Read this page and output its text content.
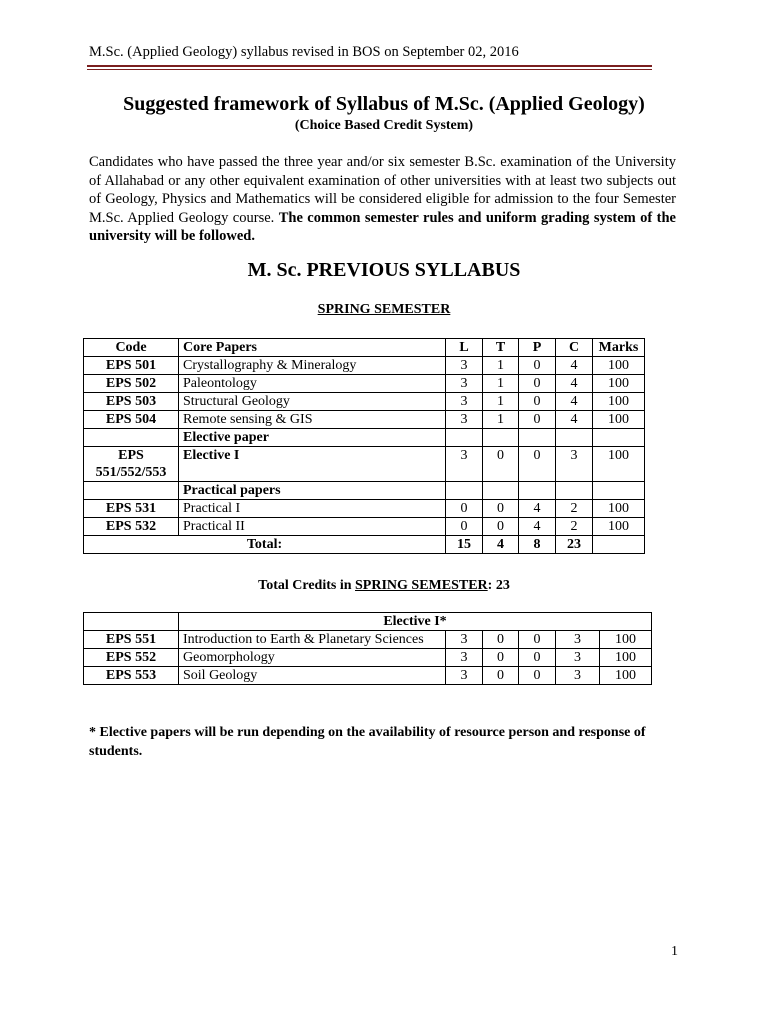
M.Sc. (Applied Geology) syllabus revised in BOS on September 02, 2016
Suggested framework of Syllabus of M.Sc. (Applied Geology)
(Choice Based Credit System)
Candidates who have passed the three year and/or six semester B.Sc. examination of the University of Allahabad or any other equivalent examination of other universities with at least two subjects out of Geology, Physics and Mathematics will be considered eligible for admission to the four Semester M.Sc. Applied Geology course. The common semester rules and uniform grading system of the university will be followed.
M. Sc. PREVIOUS SYLLABUS
SPRING SEMESTER
Code	Core Papers	L	T	P	C	Marks
EPS 501	Crystallography & Mineralogy	3	1	0	4	100
EPS 502	Paleontology	3	1	0	4	100
EPS 503	Structural Geology	3	1	0	4	100
EPS 504	Remote sensing & GIS	3	1	0	4	100
	Elective paper					

EPS
551/552/553	Elective I	3	0	0	3	100
	Practical papers					
EPS 531	Practical I	0	0	4	2	100
EPS 532	Practical II	0	0	4	2	100
Total:		15	4	8	23	
Total Credits in SPRING SEMESTER: 23
	Elective I*					
EPS 551	Introduction to Earth & Planetary Sciences	3	0	0	3	100
EPS 552	Geomorphology	3	0	0	3	100
EPS 553	Soil Geology	3	0	0	3	100
* Elective papers will be run depending on the availability of resource person and response of students.
1
